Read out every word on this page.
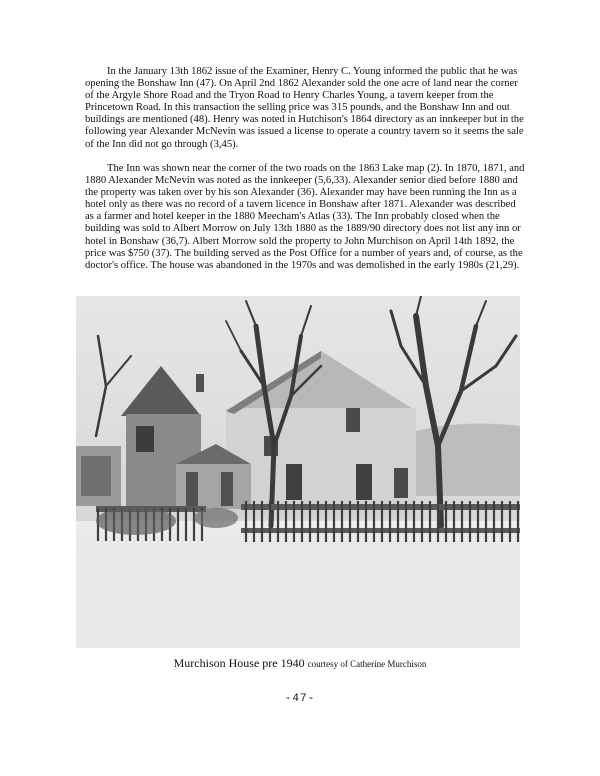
In the January 13th 1862 issue of the Examiner, Henry C. Young informed the public that he was opening the Bonshaw Inn (47). On April 2nd 1862 Alexander sold the one acre of land near the corner of the Argyle Shore Road and the Tryon Road to Henry Charles Young, a tavern keeper from the Princetown Road. In this transaction the selling price was 315 pounds, and the Bonshaw Inn and out buildings are mentioned (48). Henry was noted in Hutchison's 1864 directory as an innkeeper but in the following year Alexander McNevin was issued a license to operate a country tavern so it seems the sale of the Inn did not go through (3,45).

The Inn was shown near the corner of the two roads on the 1863 Lake map (2). In 1870, 1871, and 1880 Alexander McNevin was noted as the innkeeper (5,6,33). Alexander senior died before 1880 and the property was taken over by his son Alexander (36). Alexander may have been running the Inn as a hotel only as there was no record of a tavern licence in Bonshaw after 1871. Alexander was described as a farmer and hotel keeper in the 1880 Meecham's Atlas (33). The Inn probably closed when the building was sold to Albert Morrow on July 13th 1880 as the 1889/90 directory does not list any inn or hotel in Bonshaw (36,7). Albert Morrow sold the property to John Murchison on April 14th 1892, the price was $750 (37). The building served as the Post Office for a number of years and, of course, as the doctor's office. The house was abandoned in the 1970s and was demolished in the early 1980s (21,29).

Murchison House pre 1940 courtesy of Catherine Murchison
-47-
